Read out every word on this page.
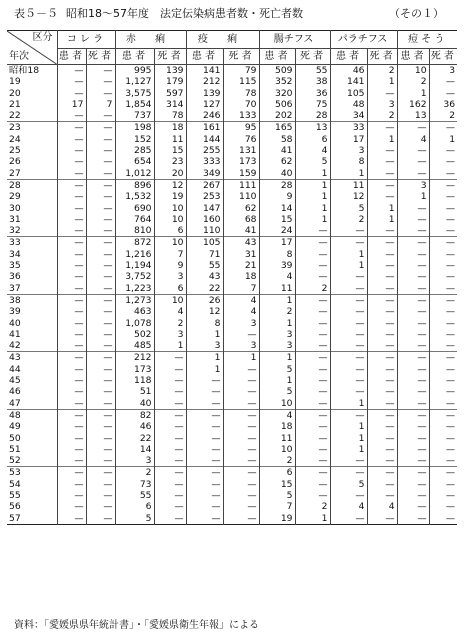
表５－５ 昭和18～57年度　法定伝染病患者数・死亡者数	（その１）
区分
年次	コ レ ラ		赤 痢		疫 痢		腸チフス		パラチフス		痘 そ う	
	患 者	死 者	患 者	死 者	患 者	死 者	患 者	死 者	患 者	死 者	患 者	死 者
昭和18	—	—	995	139	141	79	509	55	46	2	10	3
19	—	—	1,127	179	212	115	352	38	141	1	2	—
20	—	—	3,575	597	139	78	320	36	105	—	1	—
21	17	7	1,854	314	127	70	506	75	48	3	162	36
22	—	—	737	78	246	133	202	28	34	2	13	2
23	—	—	198	18	161	95	165	13	33	—	—	—
24	—	—	152	11	144	76	58	6	17	1	4	1
25	—	—	285	15	255	131	41	4	3	—	—	—
26	—	—	654	23	333	173	62	5	8	—	—	—
27	—	—	1,012	20	349	159	40	1	1	—	—	—
28	—	—	896	12	267	111	28	1	11	—	3	—
29	—	—	1,532	19	253	110	9	1	12	—	1	—
30	—	—	690	10	147	62	14	1	5	1	—	—
31	—	—	764	10	160	68	15	1	2	1	—	—
32	—	—	810	6	110	41	24	—	—	—	—	—
33	—	—	872	10	105	43	17	—	—	—	—	—
34	—	—	1,216	7	71	31	8	—	1	—	—	—
35	—	—	1,194	9	55	21	39	—	1	—	—	—
36	—	—	3,752	3	43	18	4	—	—	—	—	—
37	—	—	1,223	6	22	7	11	2	—	—	—	—
38	—	—	1,273	10	26	4	1	—	—	—	—	—
39	—	—	463	4	12	4	2	—	—	—	—	—
40	—	—	1,078	2	8	3	1	—	—	—	—	—
41	—	—	502	3	1	—	3	—	—	—	—	—
42	—	—	485	1	3	3	3	—	—	—	—	—
43	—	—	212	—	1	1	1	—	—	—	—	—
44	—	—	173	—	1	—	5	—	—	—	—	—
45	—	—	118	—	—	—	1	—	—	—	—	—
46	—	—	51	—	—	—	5	—	—	—	—	—
47	—	—	40	—	—	—	10	—	1	—	—	—
48	—	—	82	—	—	—	4	—	—	—	—	—
49	—	—	46	—	—	—	18	—	1	—	—	—
50	—	—	22	—	—	—	11	—	1	—	—	—
51	—	—	14	—	—	—	10	—	1	—	—	—
52	—	—	3	—	—	—	2	—	—	—	—	—
53	—	—	2	—	—	—	6	—	—	—	—	—
54	—	—	73	—	—	—	15	—	5	—	—	—
55	—	—	55	—	—	—	5	—	—	—	—	—
56	—	—	6	—	—	—	7	2	4	4	—	—
57	—	—	5	—	—	—	19	1	—	—	—	—
資料：「愛媛県県年統計書」・「愛媛県衛生年報」による
